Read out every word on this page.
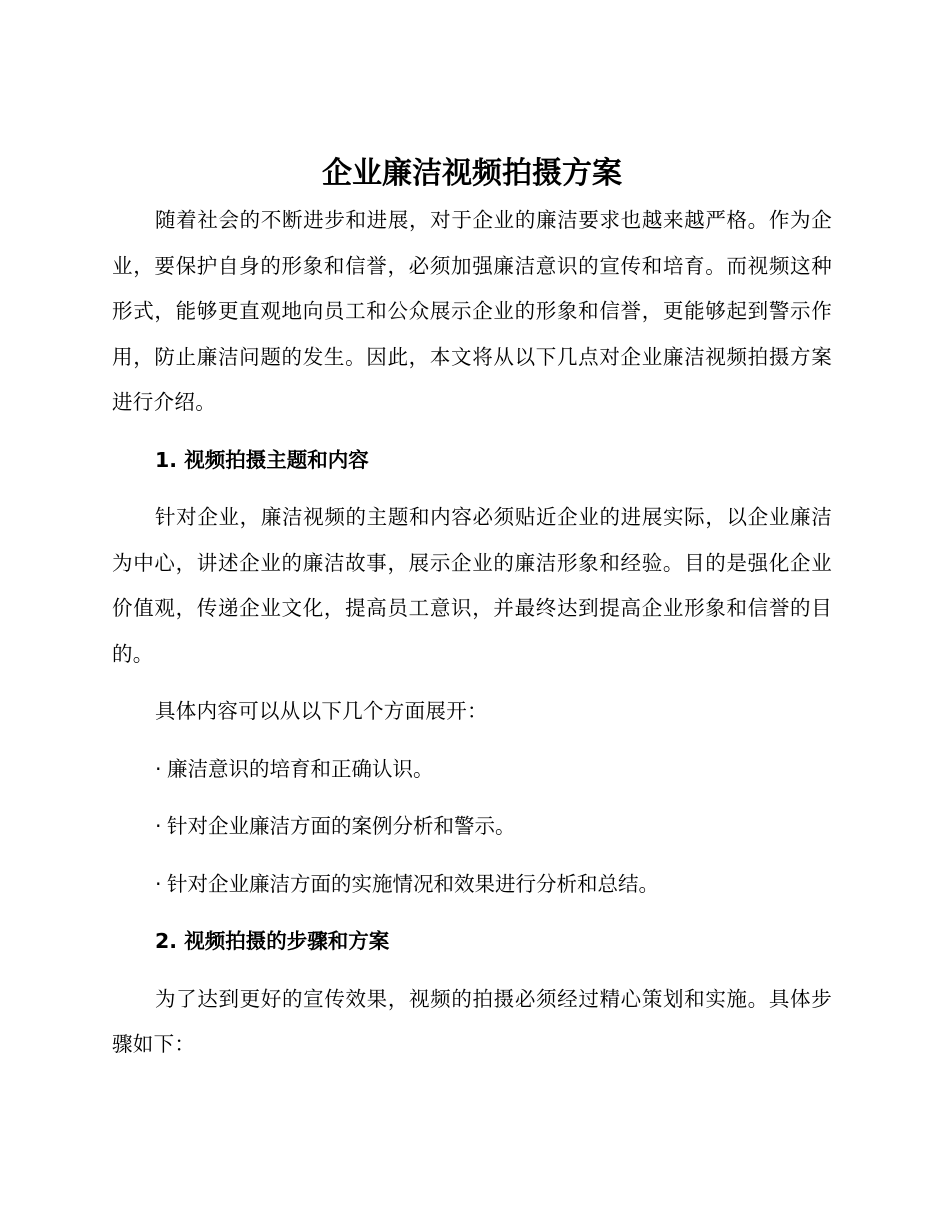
企业廉洁视频拍摄方案

随着社会的不断进步和进展，对于企业的廉洁要求也越来越严格。作为企业，要保护自身的形象和信誉，必须加强廉洁意识的宣传和培育。而视频这种形式，能够更直观地向员工和公众展示企业的形象和信誉，更能够起到警示作用，防止廉洁问题的发生。因此，本文将从以下几点对企业廉洁视频拍摄方案进行介绍。

1. 视频拍摄主题和内容

针对企业，廉洁视频的主题和内容必须贴近企业的进展实际，以企业廉洁为中心，讲述企业的廉洁故事，展示企业的廉洁形象和经验。目的是强化企业价值观，传递企业文化，提高员工意识，并最终达到提高企业形象和信誉的目的。

具体内容可以从以下几个方面展开：

· 廉洁意识的培育和正确认识。
· 针对企业廉洁方面的案例分析和警示。
· 针对企业廉洁方面的实施情况和效果进行分析和总结。
2. 视频拍摄的步骤和方案

为了达到更好的宣传效果，视频的拍摄必须经过精心策划和实施。具体步骤如下：
